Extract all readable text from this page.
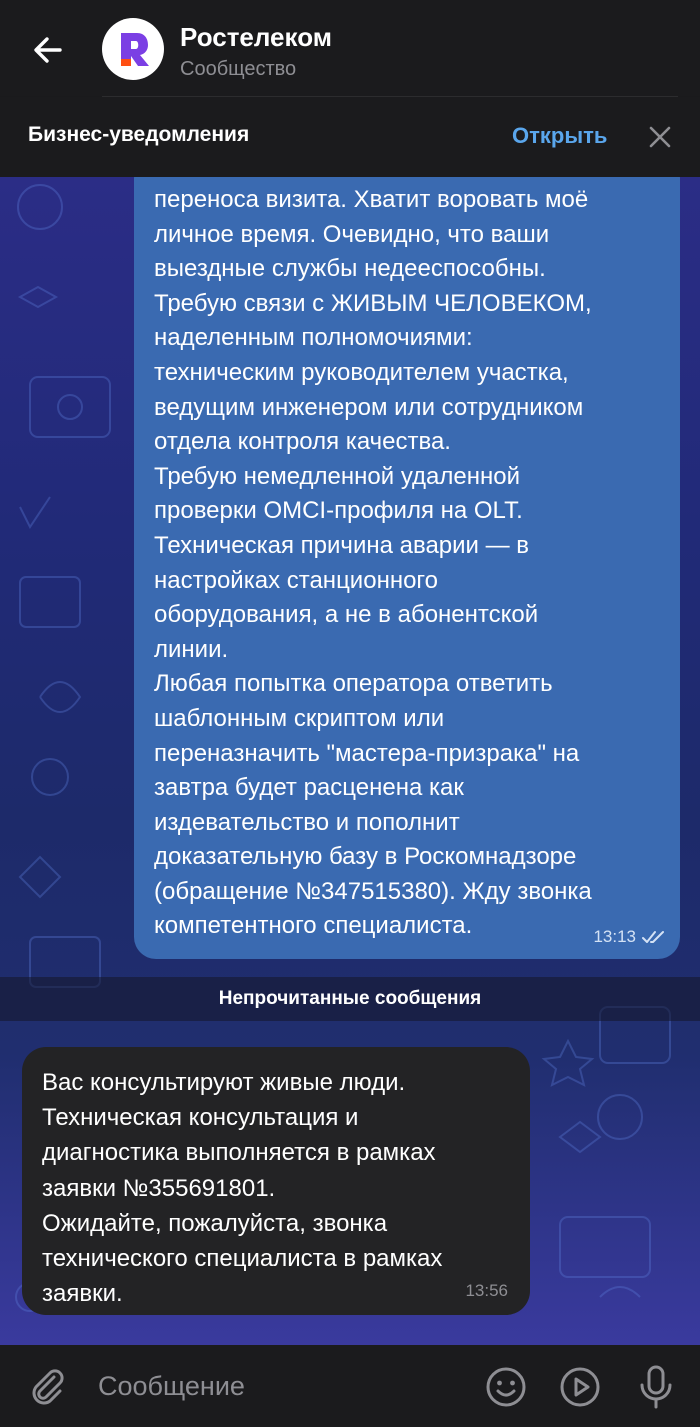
Ростелеком
Сообщество
Бизнес-уведомления	Открыть
переноса визита. Хватит воровать моё
личное время. Очевидно, что ваши
выездные службы недееспособны.
Требую связи с ЖИВЫМ ЧЕЛОВЕКОМ,
наделенным полномочиями:
техническим руководителем участка,
ведущим инженером или сотрудником
отдела контроля качества.
Требую немедленной удаленной
проверки OMCI-профиля на OLT.
Техническая причина аварии — в
настройках станционного
оборудования, а не в абонентской
линии.
Любая попытка оператора ответить
шаблонным скриптом или
переназначить "мастера-призрака" на
завтра будет расценена как
издевательство и пополнит
доказательную базу в Роскомнадзоре
(обращение №347515380). Жду звонка
компетентного специалиста.	13:13
Непрочитанные сообщения
Вас консультируют живые люди.
Техническая консультация и
диагностика выполняется в рамках
заявки №355691801.
Ожидайте, пожалуйста, звонка
технического специалиста в рамках
заявки.	13:56
Сообщение
